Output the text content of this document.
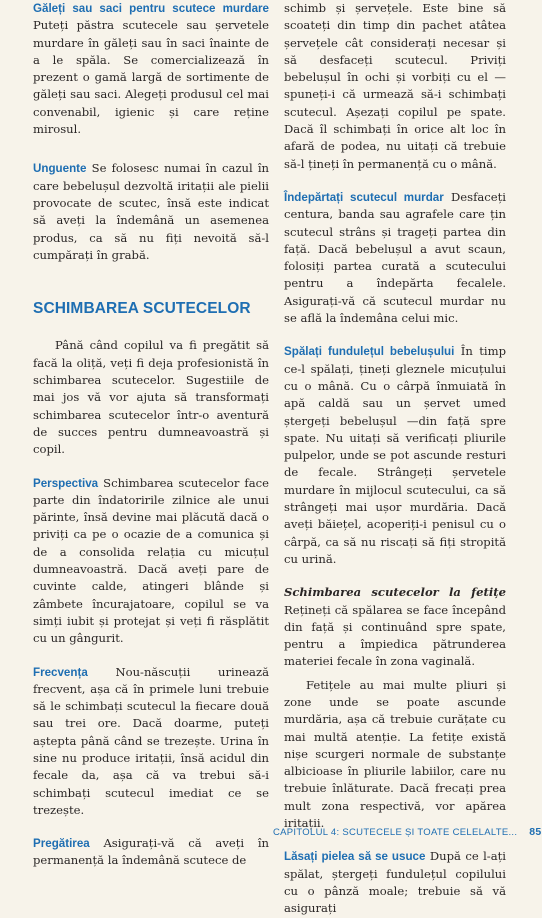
Găleți sau saci pentru scutece murdare Puteți păstra scutecele sau șervetele murdare în găleți sau în saci înainte de a le spăla. Se comercializează în prezent o gamă largă de sortimente de găleți sau saci. Alegeți produsul cel mai convenabil, igienic și care reține mirosul.

Unguente Se folosesc numai în cazul în care bebelușul dezvoltă iritații ale pielii provocate de scutec, însă este indicat să aveți la îndemână un asemenea produs, ca să nu fiți nevoită să-l cumpărați în grabă.

SCHIMBAREA SCUTECELOR

Până când copilul va fi pregătit să facă la oliță, veți fi deja profesionistă în schimbarea scutecelor. Sugestiile de mai jos vă vor ajuta să transformați schimbarea scutecelor într-o aventură de succes pentru dumneavoastră și copil.

Perspectiva Schimbarea scutecelor face parte din îndatoririle zilnice ale unui părinte, însă devine mai plăcută dacă o priviți ca pe o ocazie de a comunica și de a consolida relația cu micuțul dumneavoastră. Dacă aveți pare de cuvinte calde, atingeri blânde și zâmbete încurajatoare, copilul se va simți iubit și protejat și veți fi răsplătit cu un gângurit.

Frecvența Nou-născuții urinează frecvent, așa că în primele luni trebuie să le schimbați scutecul la fiecare două sau trei ore. Dacă doarme, puteți aștepta până când se trezește. Urina în sine nu produce iritații, însă acidul din fecale da, așa că va trebui să-i schimbați scutecul imediat ce se trezește.

Pregătirea Asigurați-vă că aveți în permanență la îndemână scutece de

schimb și șervețele. Este bine să scoateți din timp din pachet atâtea șervețele cât considerați necesar și să desfaceți scutecul. Priviți bebelușul în ochi și vorbiți cu el — spuneți-i că urmează să-i schimbați scutecul. Așezați copilul pe spate. Dacă îl schimbați în orice alt loc în afară de podea, nu uitați că trebuie să-l țineți în permanență cu o mână.

Îndepărtați scutecul murdar Desfaceți centura, banda sau agrafele care țin scutecul strâns și trageți partea din față. Dacă bebelușul a avut scaun, folosiți partea curată a scutecului pentru a îndepărta fecalele. Asigurați-vă că scutecul murdar nu se află la îndemâna celui mic.

Spălați fundulețul bebelușului În timp ce-l spălați, țineți gleznele micuțului cu o mână. Cu o cârpă înmuiată în apă caldă sau un șervet umed ștergeți bebelușul —din față spre spate. Nu uitați să verificați pliurile pulpelor, unde se pot ascunde resturi de fecale. Strângeți șervetele murdare în mijlocul scutecului, ca să strângeți mai ușor murdăria. Dacă aveți băiețel, acoperiți-i penisul cu o cârpă, ca să nu riscați să fiți stropită cu urină.

Schimbarea scutecelor la fetițe Rețineți că spălarea se face începând din față și continuând spre spate, pentru a împiedica pătrunderea materiei fecale în zona vaginală.

Fetițele au mai multe pliuri și zone unde se poate ascunde murdăria, așa că trebuie curățate cu mai multă atenție. La fetițe există nișe scurgeri normale de substanțe albicioase în pliurile labiilor, care nu trebuie înlăturate. Dacă frecați prea mult zona respectivă, vor apărea iritații.

Lăsați pielea să se usuce După ce l-ați spălat, ștergeți fundulețul copilului cu o pânză moale; trebuie să vă asigurați

CAPITOLUL 4: SCUTECELE ȘI TOATE CELELALTE... 85
